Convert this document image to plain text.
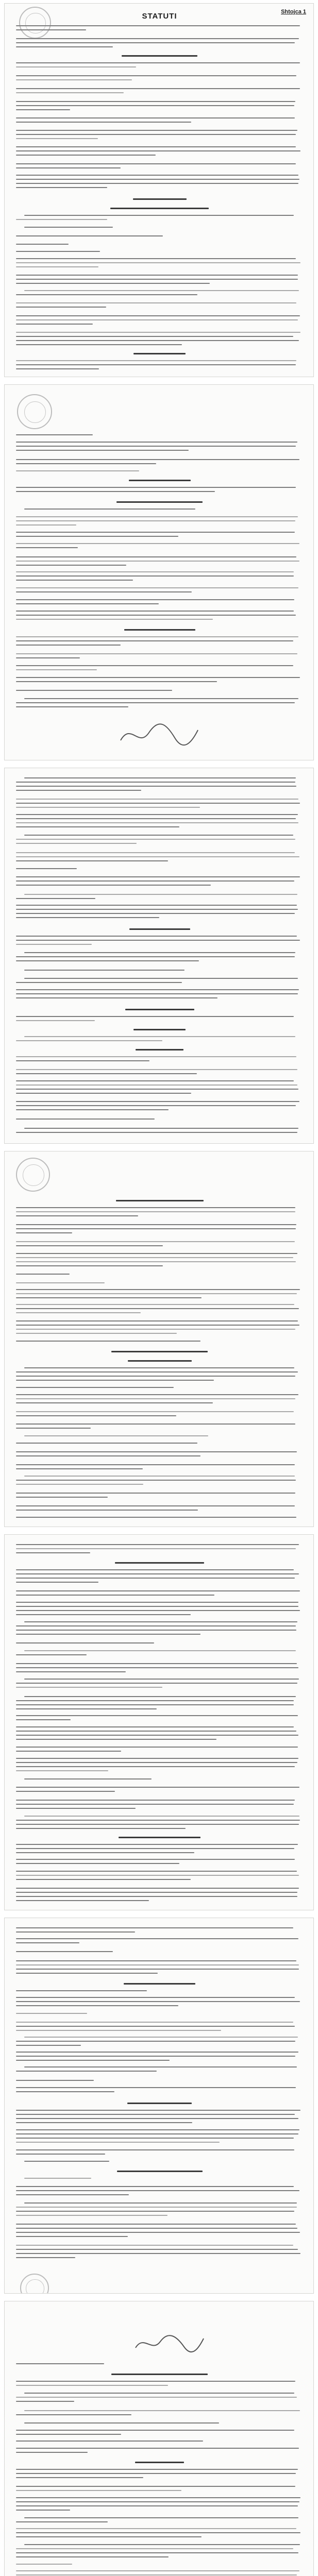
Shtojca 1
STATUTI
